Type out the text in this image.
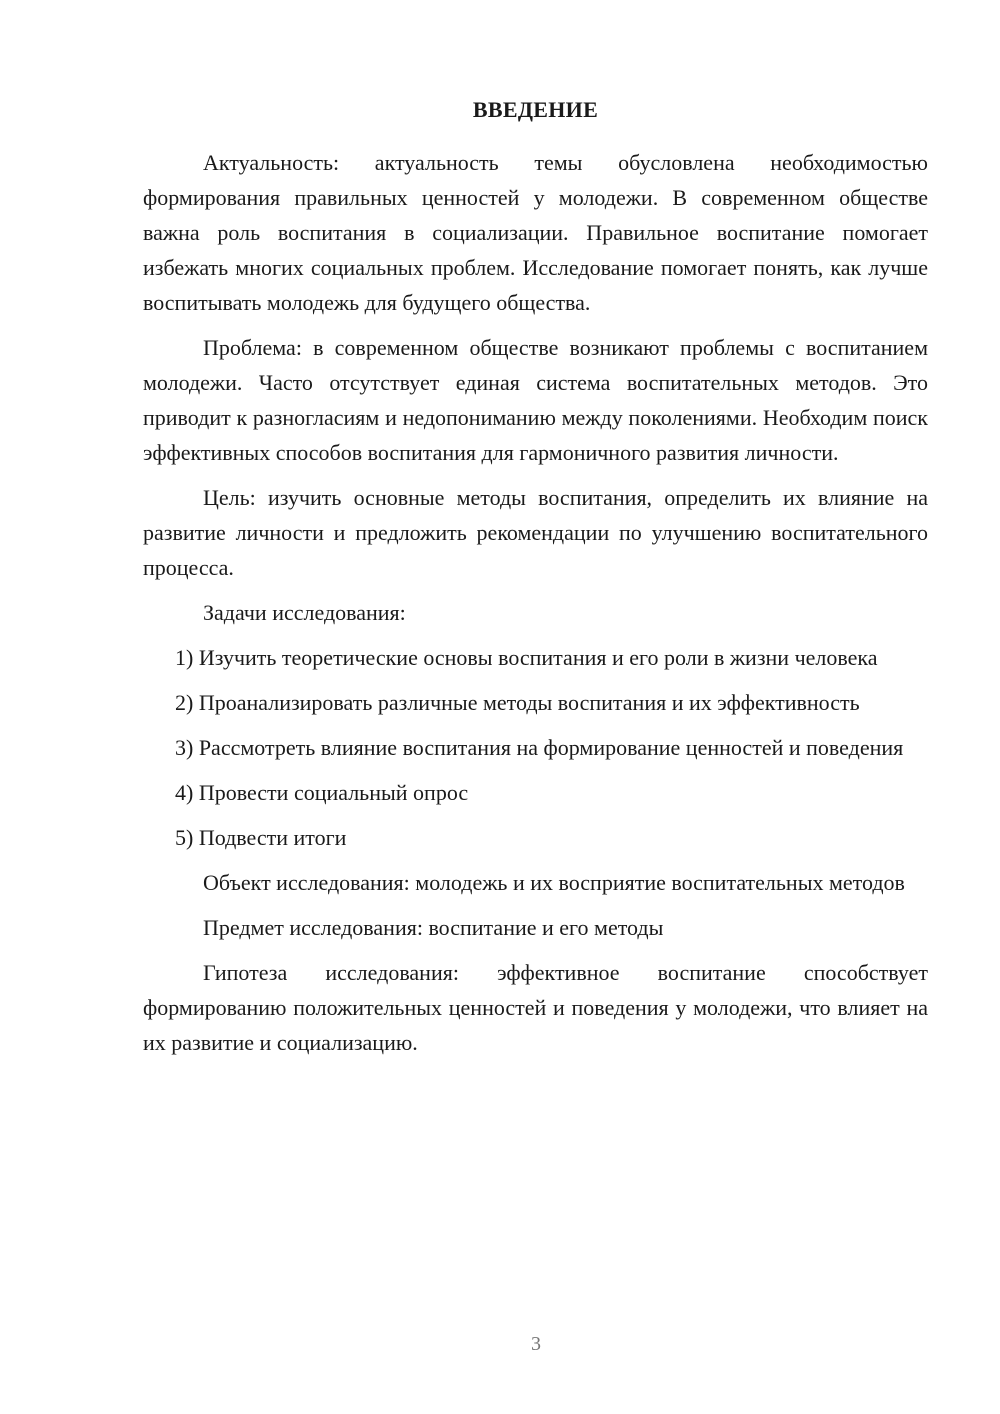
ВВЕДЕНИЕ

Актуальность: актуальность темы обусловлена необходимостью формирования правильных ценностей у молодежи. В современном обществе важна роль воспитания в социализации. Правильное воспитание помогает избежать многих социальных проблем. Исследование помогает понять, как лучше воспитывать молодежь для будущего общества.

Проблема: в современном обществе возникают проблемы с воспитанием молодежи. Часто отсутствует единая система воспитательных методов. Это приводит к разногласиям и недопониманию между поколениями. Необходим поиск эффективных способов воспитания для гармоничного развития личности.

Цель: изучить основные методы воспитания, определить их влияние на развитие личности и предложить рекомендации по улучшению воспитательного процесса.

Задачи исследования:

1) Изучить теоретические основы воспитания и его роли в жизни человека

2) Проанализировать различные методы воспитания и их эффективность

3) Рассмотреть влияние воспитания на формирование ценностей и поведения

4) Провести социальный опрос

5) Подвести итоги

Объект исследования: молодежь и их восприятие воспитательных методов

Предмет исследования: воспитание и его методы

Гипотеза исследования: эффективное воспитание способствует формированию положительных ценностей и поведения у молодежи, что влияет на их развитие и социализацию.

3
